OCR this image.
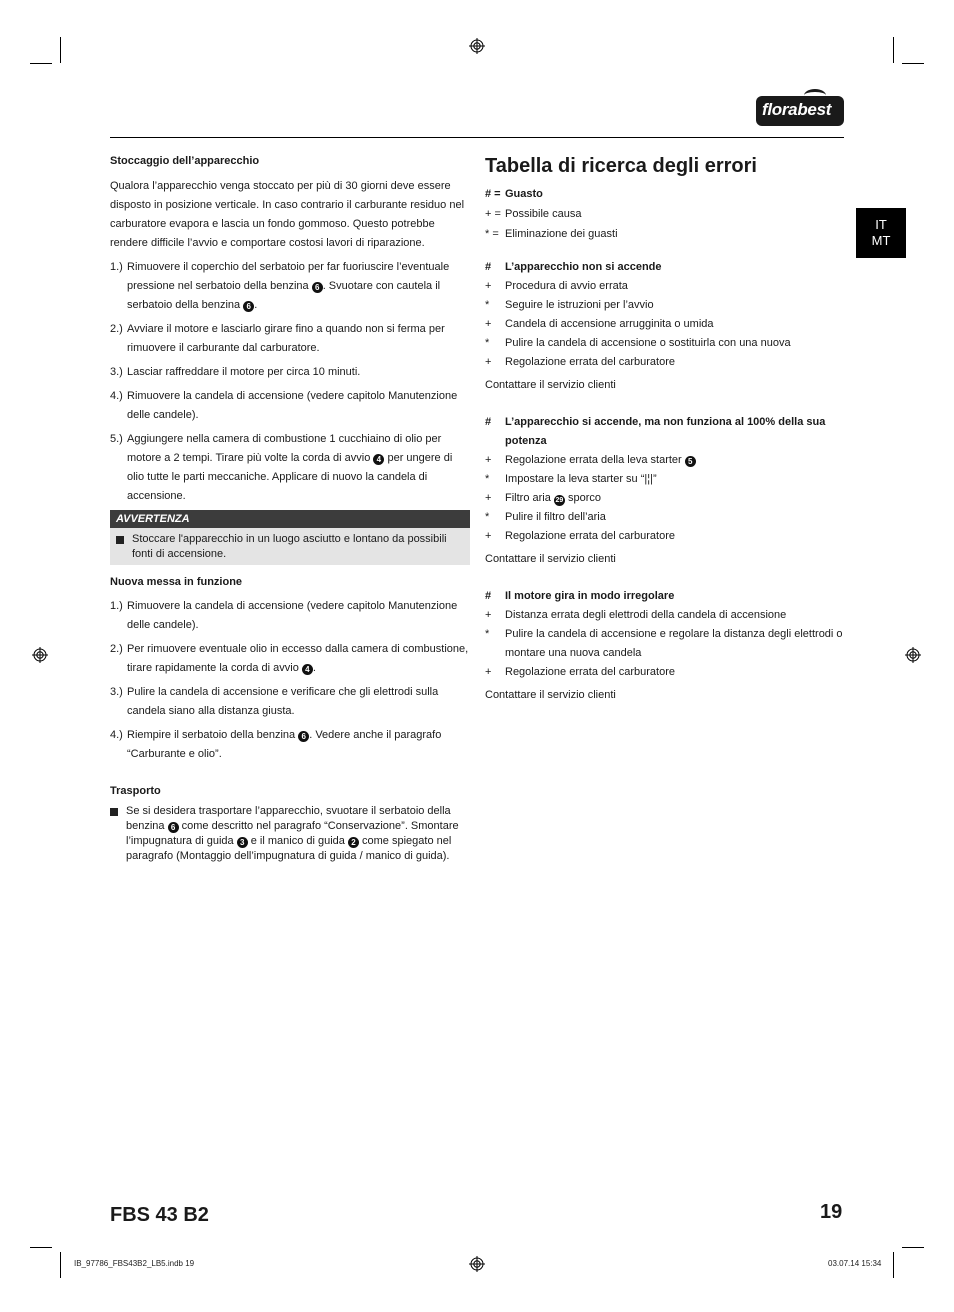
florabest
IT
MT

Stoccaggio dell’apparecchio

Qualora l’apparecchio venga stoccato per più di 30 giorni deve essere disposto in posizione verticale. In caso contrario il carburante residuo nel carburatore evapora e lascia un fondo gommoso. Questo potrebbe rendere difficile l’avvio e comportare costosi lavori di riparazione.

1.) Rimuovere il coperchio del serbatoio per far fuoriuscire l’eventuale pressione nel serbatoio della benzina 6 . Svuotare con cautela il serbatoio della benzina 6 .
2.) Avviare il motore e lasciarlo girare fino a quando non si ferma per rimuovere il carburante dal carburatore.
3.) Lasciar raffreddare il motore per circa 10 minuti.
4.) Rimuovere la candela di accensione (vedere capitolo Manutenzione delle candele).
5.) Aggiungere nella camera di combustione 1 cucchiaino di olio per motore a 2 tempi. Tirare più volte la corda di avvio 4 per ungere di olio tutte le parti meccaniche. Applicare di nuovo la candela di accensione.
AVVERTENZA
Stoccare l'apparecchio in un luogo asciutto e lontano da possibili fonti di accensione.

Nuova messa in funzione

1.) Rimuovere la candela di accensione (vedere capitolo Manutenzione delle candele).
2.) Per rimuovere eventuale olio in eccesso dalla camera di combustione, tirare rapidamente la corda di avvio 4 .
3.) Pulire la candela di accensione e verificare che gli elettrodi sulla candela siano alla distanza giusta.
4.) Riempire il serbatoio della benzina 6 . Vedere anche il paragrafo “Carburante e olio”.

Trasporto

Se si desidera trasportare l’apparecchio, svuotare il serbatoio della benzina 6 come descritto nel paragrafo “Conservazione”. Smontare l’impugnatura di guida 3 e il manico di guida 2 come spiegato nel paragrafo (Montaggio dell’impugnatura di guida / manico di guida).
Tabella di ricerca degli errori
# = Guasto
+ = Possibile causa
* = Eliminazione dei guasti
#	L’apparecchio non si accende
+	Procedura di avvio errata
*	Seguire le istruzioni per l’avvio
+	Candela di accensione arrugginita o umida
*	Pulire la candela di accensione o sostituirla con una nuova
+	Regolazione errata del carburatore
Contattare il servizio clienti
#	L’apparecchio si accende, ma non funziona al 100% della sua potenza
+	Regolazione errata della leva starter 5
*	Impostare la leva starter su “|¦|”
+	Filtro aria 29 sporco
*	Pulire il filtro dell’aria
+	Regolazione errata del carburatore
Contattare il servizio clienti
#	Il motore gira in modo irregolare
+	Distanza errata degli elettrodi della candela di accensione
*	Pulire la candela di accensione e regolare la distanza degli elettrodi o montare una nuova candela
+	Regolazione errata del carburatore
Contattare il servizio clienti
FBS 43 B2	19
IB_97786_FBS43B2_LB5.indb 19	03.07.14 15:34
